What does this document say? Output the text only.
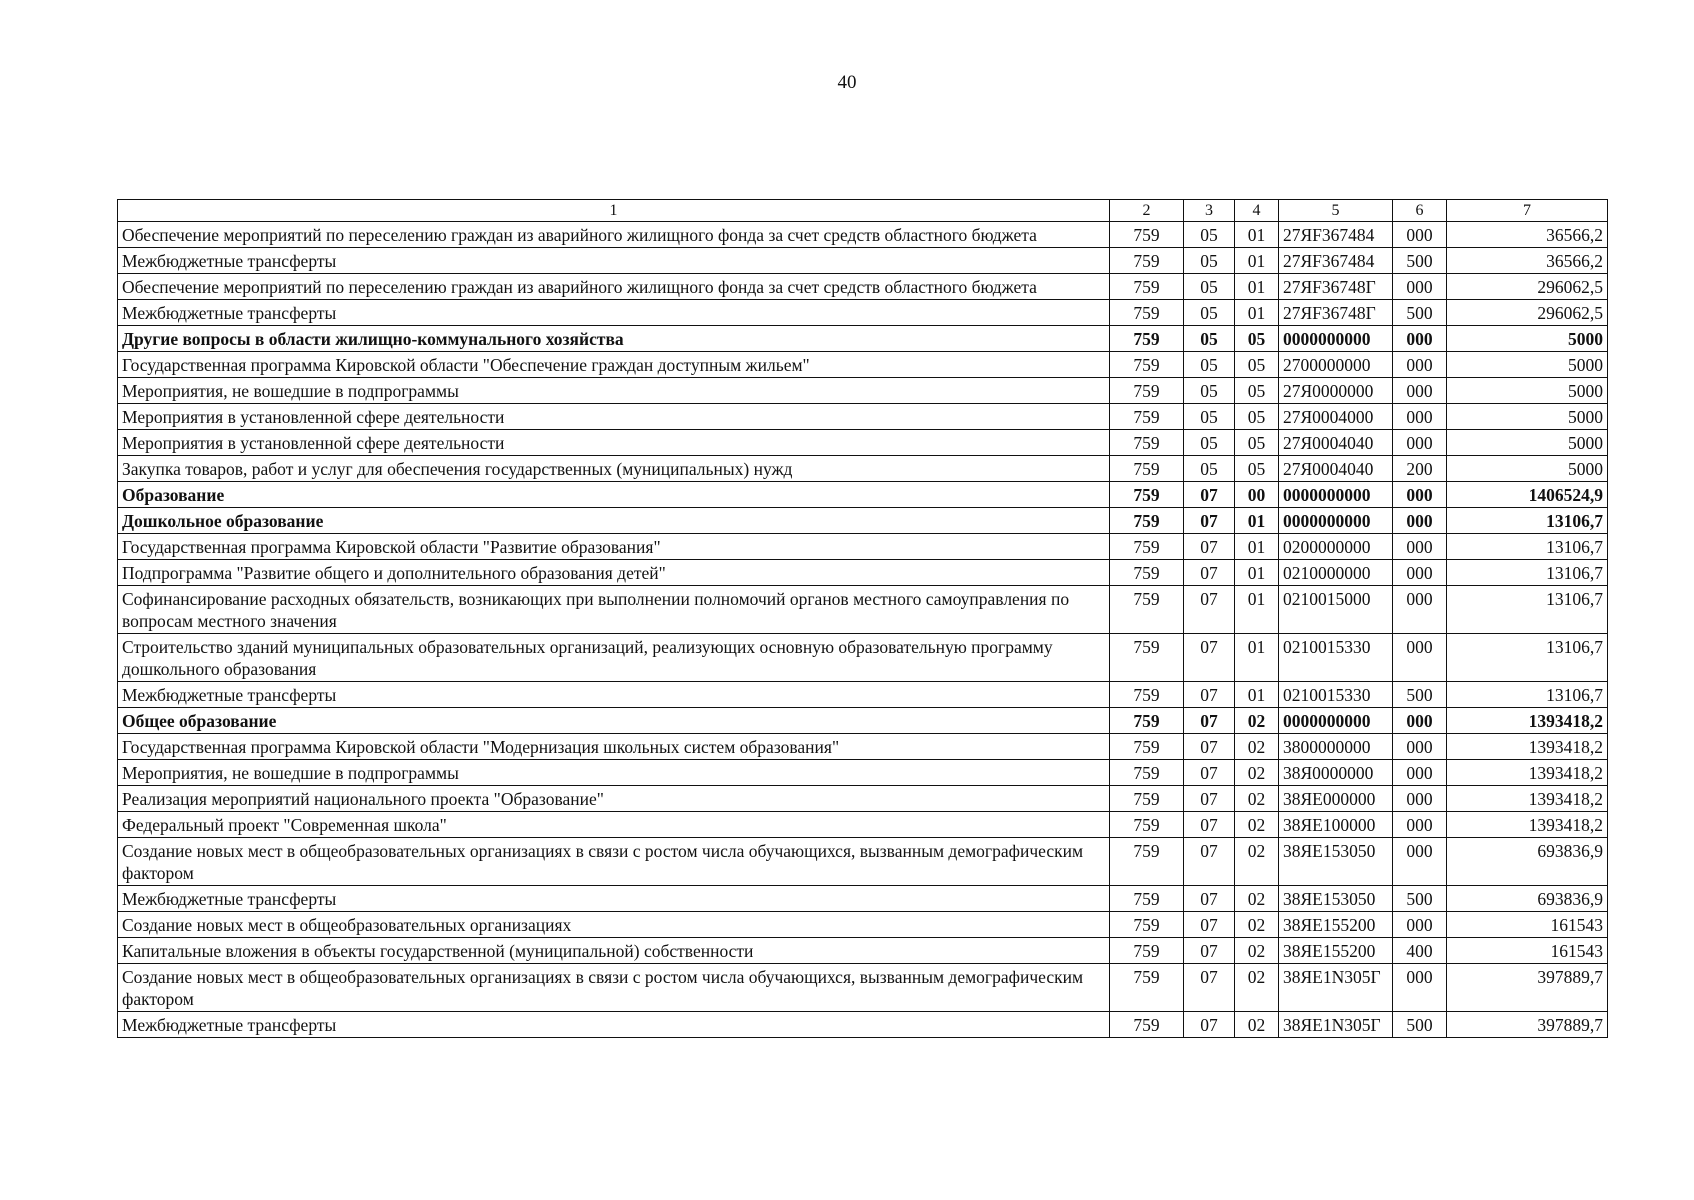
40
1	2	3	4	5	6	7
Обеспечение мероприятий по переселению граждан из аварийного жилищного фонда за счет средств областного бюджета	759	05	01	27ЯF367484	000	36566,2
Межбюджетные трансферты	759	05	01	27ЯF367484	500	36566,2
Обеспечение мероприятий по переселению граждан из аварийного жилищного фонда за счет средств областного бюджета	759	05	01	27ЯF36748Г	000	296062,5
Межбюджетные трансферты	759	05	01	27ЯF36748Г	500	296062,5
Другие вопросы в области жилищно-коммунального хозяйства	759	05	05	0000000000	000	5000
Государственная программа Кировской области "Обеспечение граждан доступным жильем"	759	05	05	2700000000	000	5000
Мероприятия, не вошедшие в подпрограммы	759	05	05	27Я0000000	000	5000
Мероприятия в установленной сфере деятельности	759	05	05	27Я0004000	000	5000
Мероприятия в установленной сфере деятельности	759	05	05	27Я0004040	000	5000
Закупка товаров, работ и услуг для обеспечения государственных (муниципальных) нужд	759	05	05	27Я0004040	200	5000
Образование	759	07	00	0000000000	000	1406524,9
Дошкольное образование	759	07	01	0000000000	000	13106,7
Государственная программа Кировской области "Развитие образования"	759	07	01	0200000000	000	13106,7
Подпрограмма "Развитие общего и дополнительного образования детей"	759	07	01	0210000000	000	13106,7
Софинансирование расходных обязательств, возникающих при выполнении полномочий органов местного самоуправления по вопросам местного значения	759	07	01	0210015000	000	13106,7
Строительство зданий муниципальных образовательных организаций, реализующих основную образовательную программу дошкольного образования	759	07	01	0210015330	000	13106,7
Межбюджетные трансферты	759	07	01	0210015330	500	13106,7
Общее образование	759	07	02	0000000000	000	1393418,2
Государственная программа Кировской области "Модернизация школьных систем образования"	759	07	02	3800000000	000	1393418,2
Мероприятия, не вошедшие в подпрограммы	759	07	02	38Я0000000	000	1393418,2
Реализация мероприятий национального проекта "Образование"	759	07	02	38ЯЕ000000	000	1393418,2
Федеральный проект "Современная школа"	759	07	02	38ЯЕ100000	000	1393418,2
Создание новых мест в общеобразовательных организациях в связи с ростом числа обучающихся, вызванным демографическим фактором	759	07	02	38ЯЕ153050	000	693836,9
Межбюджетные трансферты	759	07	02	38ЯЕ153050	500	693836,9
Создание новых мест в общеобразовательных организациях	759	07	02	38ЯЕ155200	000	161543
Капитальные вложения в объекты государственной (муниципальной) собственности	759	07	02	38ЯЕ155200	400	161543
Создание новых мест в общеобразовательных организациях в связи с ростом числа обучающихся, вызванным демографическим фактором	759	07	02	38ЯЕ1N305Г	000	397889,7
Межбюджетные трансферты	759	07	02	38ЯЕ1N305Г	500	397889,7
